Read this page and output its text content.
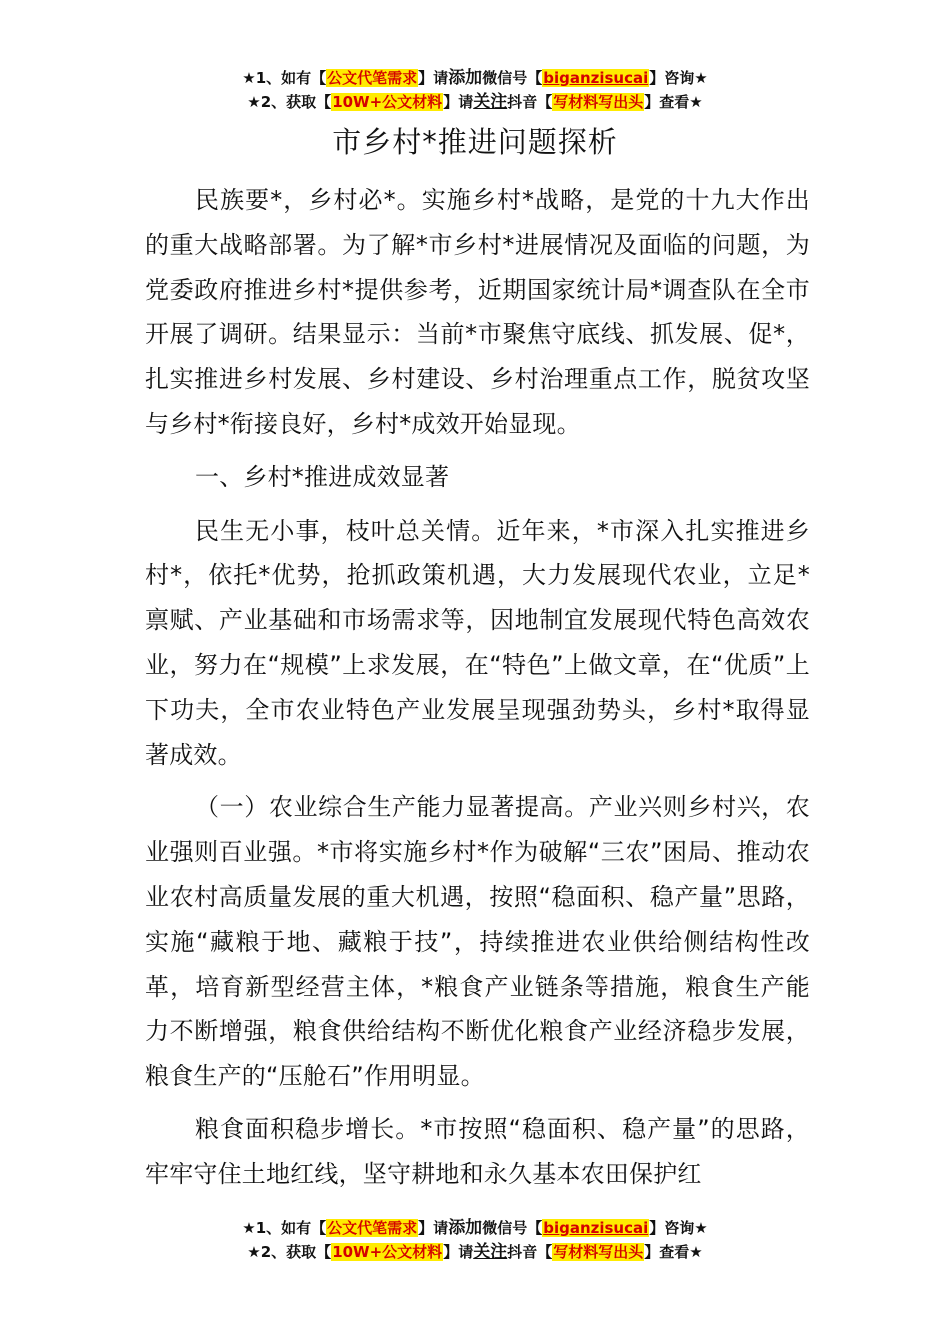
★1、如有【公文代笔需求】请添加微信号【biganzisucai】咨询★
★2、获取【10W+公文材料】请关注抖音【写材料写出头】查看★
市乡村*推进问题探析

民族要*，乡村必*。实施乡村*战略，是党的十九大作出的重大战略部署。为了解*市乡村*进展情况及面临的问题，为党委政府推进乡村*提供参考，近期国家统计局*调查队在全市开展了调研。结果显示：当前*市聚焦守底线、抓发展、促*，扎实推进乡村发展、乡村建设、乡村治理重点工作，脱贫攻坚与乡村*衔接良好，乡村*成效开始显现。

一、乡村*推进成效显著

民生无小事，枝叶总关情。近年来，*市深入扎实推进乡村*，依托*优势，抢抓政策机遇，大力发展现代农业，立足*禀赋、产业基础和市场需求等，因地制宜发展现代特色高效农业，努力在“规模”上求发展，在“特色”上做文章，在“优质”上下功夫，全市农业特色产业发展呈现强劲势头，乡村*取得显著成效。

（一）农业综合生产能力显著提高。产业兴则乡村兴，农业强则百业强。*市将实施乡村*作为破解“三农”困局、推动农业农村高质量发展的重大机遇，按照“稳面积、稳产量”思路，实施“藏粮于地、藏粮于技”，持续推进农业供给侧结构性改革，培育新型经营主体，*粮食产业链条等措施，粮食生产能力不断增强，粮食供给结构不断优化粮食产业经济稳步发展，粮食生产的“压舱石”作用明显。

粮食面积稳步增长。*市按照“稳面积、稳产量”的思路，牢牢守住土地红线，坚守耕地和永久基本农田保护红

★1、如有【公文代笔需求】请添加微信号【biganzisucai】咨询★
★2、获取【10W+公文材料】请关注抖音【写材料写出头】查看★
